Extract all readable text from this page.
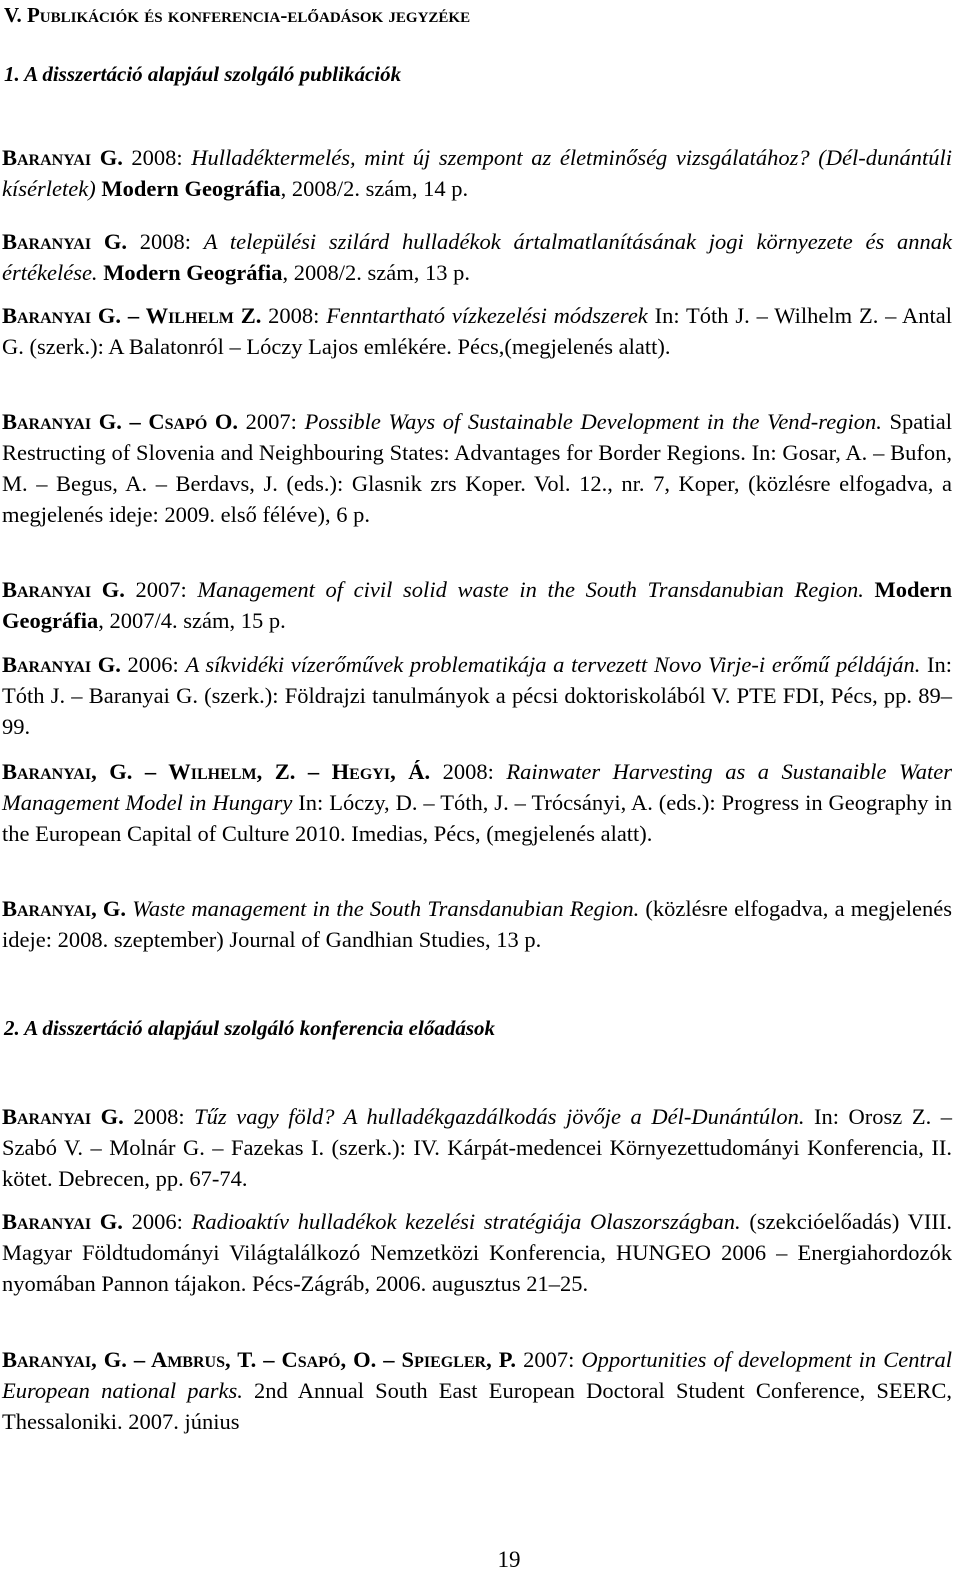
V. Publikációk és konferencia-előadások jegyzéke
1. A disszertáció alapjául szolgáló publikációk
Baranyai G. 2008: Hulladéktermelés, mint új szempont az életminőség vizsgálatához? (Dél-dunántúli kísérletek) Modern Geográfia, 2008/2. szám, 14 p.
Baranyai G. 2008: A települési szilárd hulladékok ártalmatlanításának jogi környezete és annak értékelése. Modern Geográfia, 2008/2. szám, 13 p.
Baranyai G. – Wilhelm Z. 2008: Fenntartható vízkezelési módszerek In: Tóth J. – Wilhelm Z. – Antal G. (szerk.): A Balatonról – Lóczy Lajos emlékére. Pécs,(megjelenés alatt).
Baranyai G. – Csapó O. 2007: Possible Ways of Sustainable Development in the Vend-region. Spatial Restructing of Slovenia and Neighbouring States: Advantages for Border Regions. In: Gosar, A. – Bufon, M. – Begus, A. – Berdavs, J. (eds.): Glasnik zrs Koper. Vol. 12., nr. 7, Koper, (közlésre elfogadva, a megjelenés ideje: 2009. első féléve), 6 p.
Baranyai G. 2007: Management of civil solid waste in the South Transdanubian Region. Modern Geográfia, 2007/4. szám, 15 p.
Baranyai G. 2006: A síkvidéki vízerőművek problematikája a tervezett Novo Virje-i erőmű példáján. In: Tóth J. – Baranyai G. (szerk.): Földrajzi tanulmányok a pécsi doktoriskolából V. PTE FDI, Pécs, pp. 89–99.
Baranyai, G. – Wilhelm, Z. – Hegyi, Á. 2008: Rainwater Harvesting as a Sustanaible Water Management Model in Hungary In: Lóczy, D. – Tóth, J. – Trócsányi, A. (eds.): Progress in Geography in the European Capital of Culture 2010. Imedias, Pécs, (megjelenés alatt).
Baranyai, G. Waste management in the South Transdanubian Region. (közlésre elfogadva, a megjelenés ideje: 2008. szeptember) Journal of Gandhian Studies, 13 p.
2. A disszertáció alapjául szolgáló konferencia előadások
Baranyai G. 2008: Tűz vagy föld? A hulladékgazdálkodás jövője a Dél-Dunántúlon. In: Orosz Z. – Szabó V. – Molnár G. – Fazekas I. (szerk.): IV. Kárpát-medencei Környezettudományi Konferencia, II. kötet. Debrecen, pp. 67-74.
Baranyai G. 2006: Radioaktív hulladékok kezelési stratégiája Olaszországban. (szekcióelőadás) VIII. Magyar Földtudományi Világtalálkozó Nemzetközi Konferencia, HUNGEO 2006 – Energiahordozók nyomában Pannon tájakon. Pécs-Zágráb, 2006. augusztus 21–25.
Baranyai, G. – Ambrus, T. – Csapó, O. – Spiegler, P. 2007: Opportunities of development in Central European national parks. 2nd Annual South East European Doctoral Student Conference, SEERC, Thessaloniki. 2007. június
19
